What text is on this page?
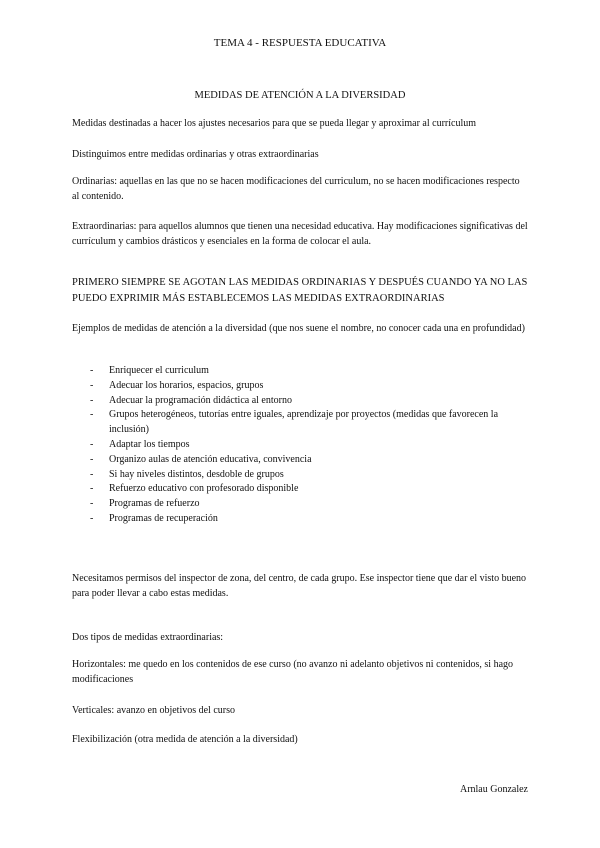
TEMA 4 - RESPUESTA EDUCATIVA
MEDIDAS DE ATENCIÓN A LA DIVERSIDAD

Medidas destinadas a hacer los ajustes necesarios para que se pueda llegar y aproximar al currículum

Distinguimos entre medidas ordinarias y otras extraordinarias

Ordinarias: aquellas en las que no se hacen modificaciones del curriculum, no se hacen modificaciones respecto al contenido.

Extraordinarias: para aquellos alumnos que tienen una necesidad educativa. Hay modificaciones significativas del currículum y cambios drásticos y esenciales en la forma de colocar el aula.

PRIMERO SIEMPRE SE AGOTAN LAS MEDIDAS ORDINARIAS Y DESPUÉS CUANDO YA NO LAS PUEDO EXPRIMIR MÁS ESTABLECEMOS LAS MEDIDAS EXTRAORDINARIAS

Ejemplos de medidas de atención a la diversidad (que nos suene el nombre, no conocer cada una en profundidad)

- Enriquecer el curriculum
- Adecuar los horarios, espacios, grupos
- Adecuar la programación didáctica al entorno
- Grupos heterogéneos, tutorías entre iguales, aprendizaje por proyectos (medidas que favorecen la inclusión)
- Adaptar los tiempos
- Organizo aulas de atención educativa, convivencia
- Si hay niveles distintos, desdoble de grupos
- Refuerzo educativo con profesorado disponible
- Programas de refuerzo
- Programas de recuperación

Necesitamos permisos del inspector de zona, del centro, de cada grupo. Ese inspector tiene que dar el visto bueno para poder llevar a cabo estas medidas.

Dos tipos de medidas extraordinarias:

Horizontales: me quedo en los contenidos de ese curso (no avanzo ni adelanto objetivos ni contenidos, si hago modificaciones

Verticales: avanzo en objetivos del curso

Flexibilización (otra medida de atención a la diversidad)

Arnlau Gonzalez
